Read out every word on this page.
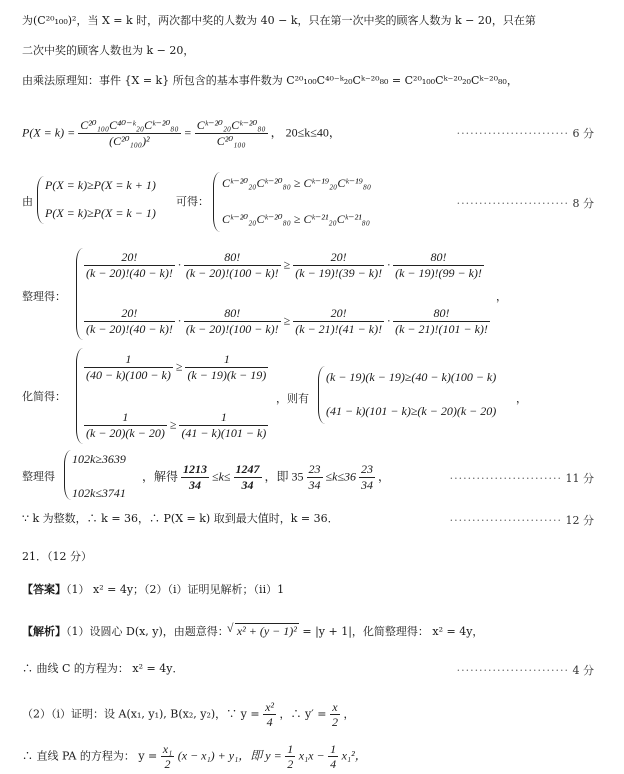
为(C²⁰₁₀₀)²，当 X = k 时，两次都中奖的人数为 40 − k，只在第一次中奖的顾客人数为 k − 20，只在第
二次中奖的顾客人数也为 k − 20，
由乘法原理知：事件 {X = k} 所包含的基本事件数为 C²⁰₁₀₀C⁴⁰⁻ᵏ₂₀Cᵏ⁻²⁰₈₀ = C²⁰₁₀₀Cᵏ⁻²⁰₂₀Cᵏ⁻²⁰₈₀，
$P(X = k) = \frac{\text{C²⁰₁₀₀C⁴⁰⁻ᵏ₂₀Cᵏ⁻²⁰₈₀}}{\text{(C²⁰₁₀₀)²}} = \frac{\text{Cᵏ⁻²⁰₂₀Cᵏ⁻²⁰₈₀}}{\text{C²⁰₁₀₀}}$ ， 20≤k≤40，	························· 6 分
由
P(X = k)≥P(X = k + 1)
P(X = k)≥P(X = k − 1)
可得：
Cᵏ⁻²⁰₂₀Cᵏ⁻²⁰₈₀ ≥ Cᵏ⁻¹⁹₂₀Cᵏ⁻¹⁹₈₀
Cᵏ⁻²⁰₂₀Cᵏ⁻²⁰₈₀ ≥ Cᵏ⁻²¹₂₀Cᵏ⁻²¹₈₀
························· 8 分
整理得：
$\frac{20!}{(k - 20)!(40 - k)!} \cdot \frac{80!}{(k - 20)!(100 - k)!} \ge \frac{20!}{(k - 19)!(39 - k)!} \cdot \frac{80!}{(k - 19)!(99 - k)!}$
，
$\frac{20!}{(k - 20)!(40 - k)!} \cdot \frac{80!}{(k - 20)!(100 - k)!} \ge \frac{20!}{(k - 21)!(41 - k)!} \cdot \frac{80!}{(k - 21)!(101 - k)!}$
化简得：
$\frac{1}{(40 - k)(100 - k)} \ge \frac{1}{(k - 19)(k - 19)}$
$\frac{1}{(k - 20)(k - 20)} \ge \frac{1}{(41 - k)(101 - k)}$
，则有
(k − 19)(k − 19)≥(40 − k)(100 − k)
(41 − k)(101 − k)≥(k − 20)(k − 20)
，
整理得
102k≥3639
102k≤3741
，解得 $\frac{1213}{34} \le k\le \frac{1247}{34}$ ，即 $35 \frac{23}{34} \le k\le 36 \frac{23}{34}$ ，	························· 11 分
∵ k 为整数，∴ k = 36，∴ P(X = k) 取到最大值时，k = 36．	························· 12 分
21．（12 分）
【答案】（1） x² = 4y；（2）（i）证明见解析；（ii）1
【解析】（1）设圆心 D(x, y)，由题意得：
√ x² + (y − 1)² = |y + 1|，化简整理得： x² = 4y，
∴ 曲线 C 的方程为： x² = 4y．	························· 4 分
（2）（i）证明：设 A(x₁, y₁), B(x₂, y₂)，∵ $y = \frac{\text{x²}}{4}$ ，∴ $y' = \frac{x}{2}$ ，
∴ 直线 PA 的方程为： $y = \frac{\text{x₁}}{2} (x - x_1) + y_1$，即 $y = \frac{1}{2} x_1x - \frac{1}{4} x_1^2$，
